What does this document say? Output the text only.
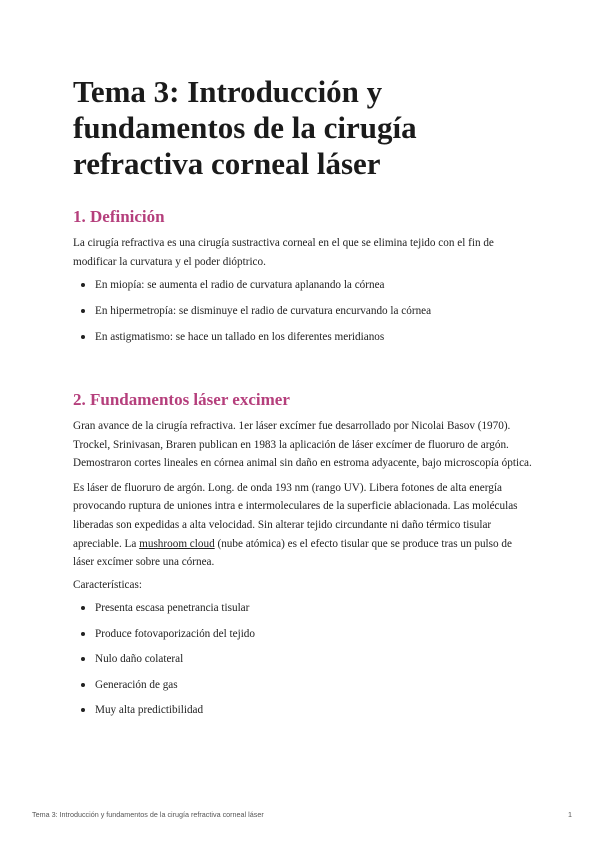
Tema 3: Introducción y fundamentos de la cirugía refractiva corneal láser
1. Definición

La cirugía refractiva es una cirugía sustractiva corneal en el que se elimina tejido con el fin de modificar la curvatura y el poder dióptrico.

En miopía: se aumenta el radio de curvatura aplanando la córnea
En hipermetropía: se disminuye el radio de curvatura encurvando la córnea
En astigmatismo: se hace un tallado en los diferentes meridianos
2. Fundamentos láser excimer

Gran avance de la cirugía refractiva. 1er láser excímer fue desarrollado por Nicolai Basov (1970). Trockel, Srinivasan, Braren publican en 1983 la aplicación de láser excímer de fluoruro de argón. Demostraron cortes lineales en córnea animal sin daño en estroma adyacente, bajo microscopía óptica.

Es láser de fluoruro de argón. Long. de onda 193 nm (rango UV). Libera fotones de alta energía provocando ruptura de uniones intra e intermoleculares de la superficie ablacionada. Las moléculas liberadas son expedidas a alta velocidad. Sin alterar tejido circundante ni daño térmico tisular apreciable. La mushroom cloud (nube atómica) es el efecto tisular que se produce tras un pulso de láser excímer sobre una córnea.

Características:

Presenta escasa penetrancia tisular
Produce fotovaporización del tejido
Nulo daño colateral
Generación de gas
Muy alta predictibilidad
Tema 3: Introducción y fundamentos de la cirugía refractiva corneal láser	1
